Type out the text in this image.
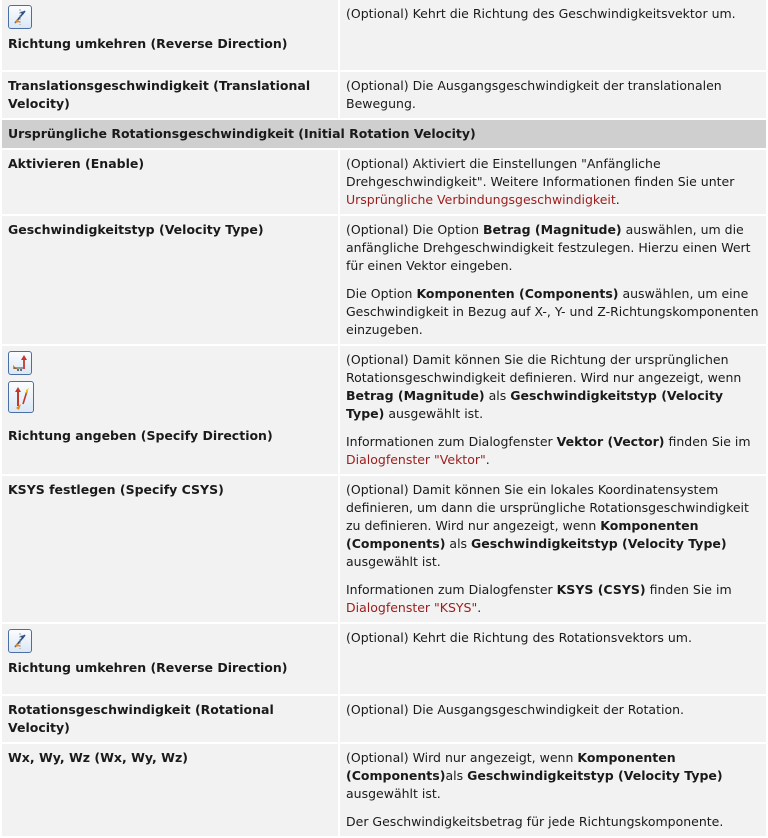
Richtung umkehren (Reverse Direction)	(Optional) Kehrt die Richtung des Geschwindigkeitsvektor um.
Translationsgeschwindigkeit (Translational Velocity)	(Optional) Die Ausgangsgeschwindigkeit der translationalen Bewegung.
Ursprüngliche Rotationsgeschwindigkeit (Initial Rotation Velocity)	
Aktivieren (Enable)	(Optional) Aktiviert die Einstellungen "Anfängliche Drehgeschwindigkeit". Weitere Informationen finden Sie unter Ursprüngliche Verbindungsgeschwindigkeit.
Geschwindigkeitstyp (Velocity Type)	(Optional) Die Option Betrag (Magnitude) auswählen, um die anfängliche Drehgeschwindigkeit festzulegen. Hierzu einen Wert für einen Vektor eingeben.
Die Option Komponenten (Components) auswählen, um eine Geschwindigkeit in Bezug auf X-, Y- und Z-Richtungskomponenten einzugeben.

Richtung angeben (Specify Direction)	(Optional) Damit können Sie die Richtung der ursprünglichen Rotationsgeschwindigkeit definieren. Wird nur angezeigt, wenn Betrag (Magnitude) als Geschwindigkeitstyp (Velocity Type) ausgewählt ist.
Informationen zum Dialogfenster Vektor (Vector) finden Sie im
Dialogfenster "Vektor".

KSYS festlegen (Specify CSYS)	(Optional) Damit können Sie ein lokales Koordinatensystem definieren, um dann die ursprüngliche Rotationsgeschwindigkeit zu definieren. Wird nur angezeigt, wenn Komponenten (Components) als Geschwindigkeitstyp (Velocity Type) ausgewählt ist.
Informationen zum Dialogfenster KSYS (CSYS) finden Sie im
Dialogfenster "KSYS".

Richtung umkehren (Reverse Direction)	(Optional) Kehrt die Richtung des Rotationsvektors um.
Rotationsgeschwindigkeit (Rotational Velocity)	(Optional) Die Ausgangsgeschwindigkeit der Rotation.
Wx, Wy, Wz (Wx, Wy, Wz)	(Optional) Wird nur angezeigt, wenn Komponenten (Components)als Geschwindigkeitstyp (Velocity Type) ausgewählt ist.
Der Geschwindigkeitsbetrag für jede Richtungskomponente.
